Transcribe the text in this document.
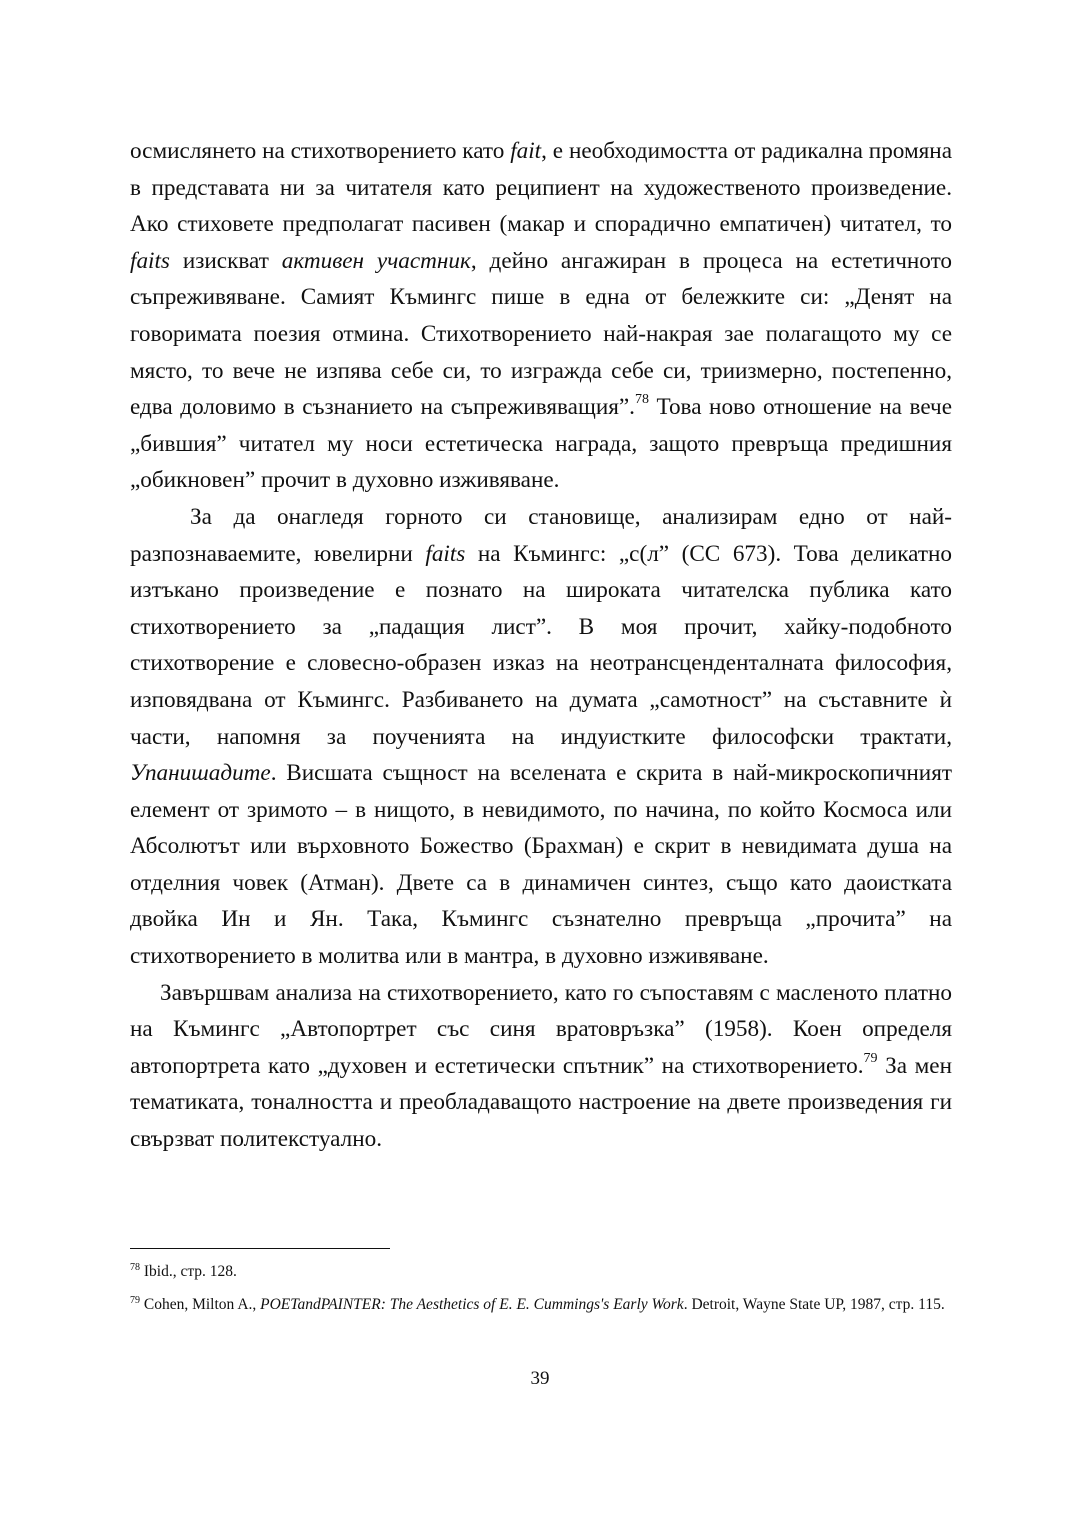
осмислянето на стихотворението като fait, е необходимостта от радикална промяна в представата ни за читателя като реципиент на художественото произведение. Ако стиховете предполагат пасивен (макар и спорадично емпатичен) читател, то faits изискват активен участник, дейно ангажиран в процеса на естетичното съпреживяване. Самият Къмингс пише в една от бележките си: „Денят на говоримата поезия отмина. Стихотворението най-накрая зае полагащото му се място, то вече не изпява себе си, то изгражда себе си, триизмерно, постепенно, едва доловимо в съзнанието на съпреживяващия”.$^{78}$ Това ново отношение на вече „бившия” читател му носи естетическа награда, защото превръща предишния „обикновен” прочит в духовно изживяване.

За да онагледя горното си становище, анализирам едно от най-разпознаваемите, ювелирни faits на Къмингс: „с(л” (CC 673). Това деликатно изтъкано произведение е познато на широката читателска публика като стихотворението за „падащия лист”. В моя прочит, хайку-подобното стихотворение е словесно-образен изказ на неотрансценденталната философия, изповядвана от Къмингс. Разбиването на думата „самотност” на съставните ѝ части, напомня за поученията на индуистките философски трактати, Упанишадите. Висшата същност на вселената е скрита в най-микроскопичният елемент от зримото – в нищото, в невидимото, по начина, по който Космоса или Абсолютът или върховното Божество (Брахман) е скрит в невидимата душа на отделния човек (Атман). Двете са в динамичен синтез, също като даоистката двойка Ин и Ян. Така, Къмингс съзнателно превръща „прочита” на стихотворението в молитва или в мантра, в духовно изживяване.

Завършвам анализа на стихотворението, като го съпоставям с масленото платно на Къмингс „Автопортрет със синя вратовръзка” (1958). Коен определя автопортрета като „духовен и естетически спътник” на стихотворението.$^{79}$ За мен тематиката, тоналността и преобладаващото настроение на двете произведения ги свързват политекстуално.

$^{78}$ Ibid., стр. 128.

$^{79}$ Cohen, Milton A., POETandPAINTER: The Aesthetics of E. E. Cummings's Early Work. Detroit, Wayne State UP, 1987, стр. 115.

39
